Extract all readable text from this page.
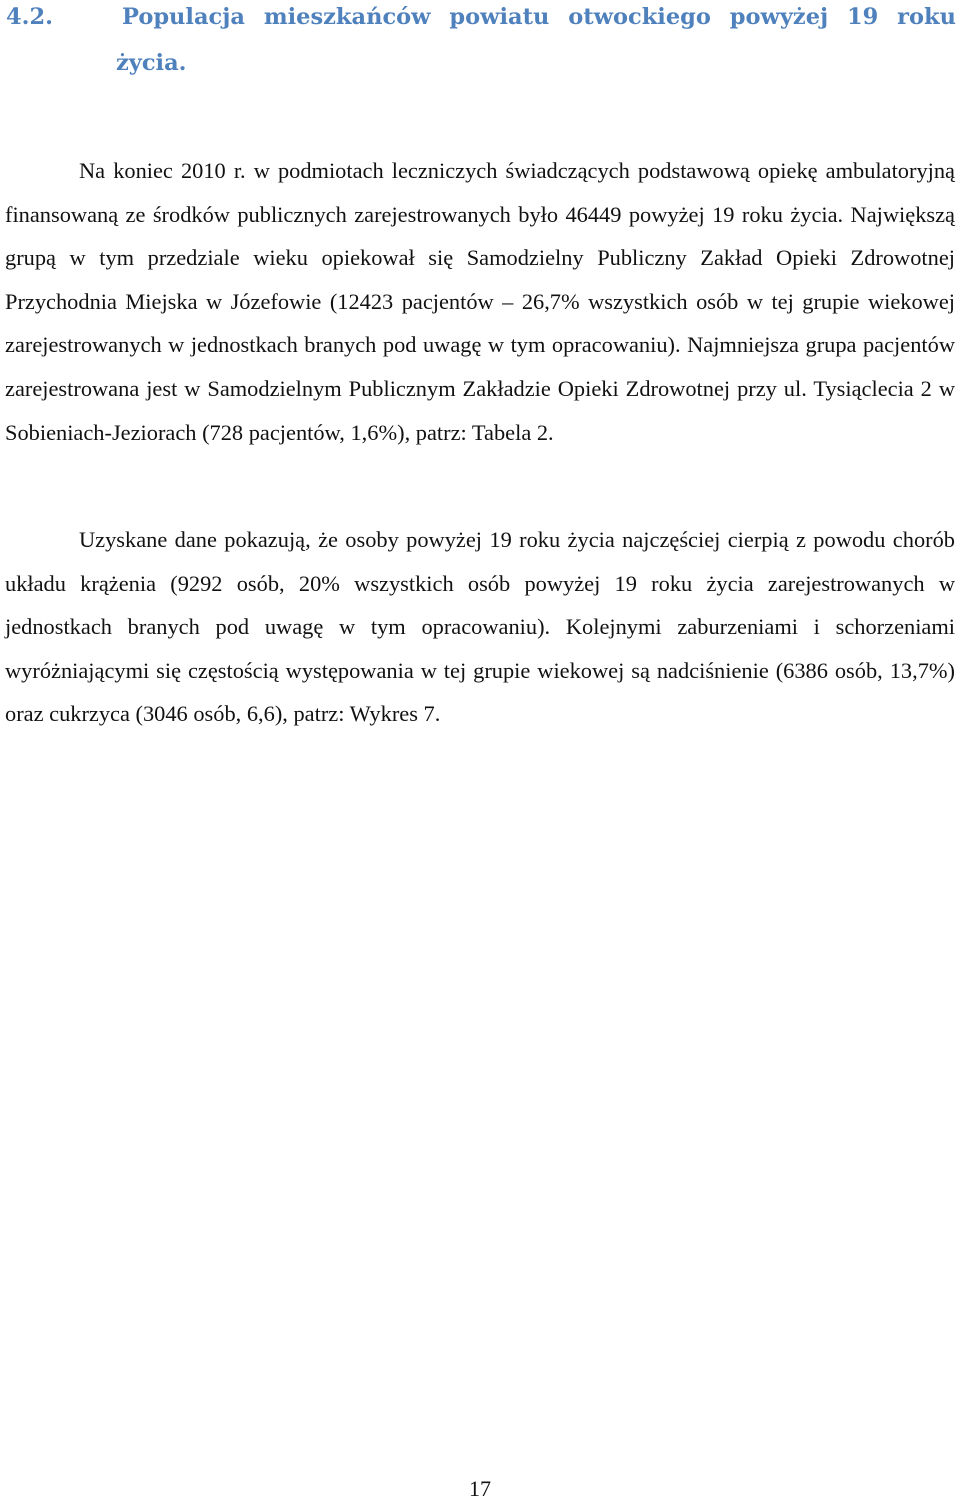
4.2.	Populacja mieszkańców powiatu otwockiego powyżej 19 roku
życia.

Na koniec 2010 r. w podmiotach leczniczych świadczących podstawową opiekę ambulatoryjną finansowaną ze środków publicznych zarejestrowanych było 46449 powyżej 19 roku życia. Największą grupą w tym przedziale wieku opiekował się Samodzielny Publiczny Zakład Opieki Zdrowotnej Przychodnia Miejska w Józefowie (12423 pacjentów – 26,7% wszystkich osób w tej grupie wiekowej zarejestrowanych w jednostkach branych pod uwagę w tym opracowaniu). Najmniejsza grupa pacjentów zarejestrowana jest w Samodzielnym Publicznym Zakładzie Opieki Zdrowotnej przy ul. Tysiąclecia 2 w Sobieniach-Jeziorach (728 pacjentów, 1,6%), patrz: Tabela 2.

Uzyskane dane pokazują, że osoby powyżej 19 roku życia najczęściej cierpią z powodu chorób układu krążenia (9292 osób, 20% wszystkich osób powyżej 19 roku życia zarejestrowanych w jednostkach branych pod uwagę w tym opracowaniu). Kolejnymi zaburzeniami i schorzeniami wyróżniającymi się częstością występowania w tej grupie wiekowej są nadciśnienie (6386 osób, 13,7%) oraz cukrzyca (3046 osób, 6,6), patrz: Wykres 7.

17
